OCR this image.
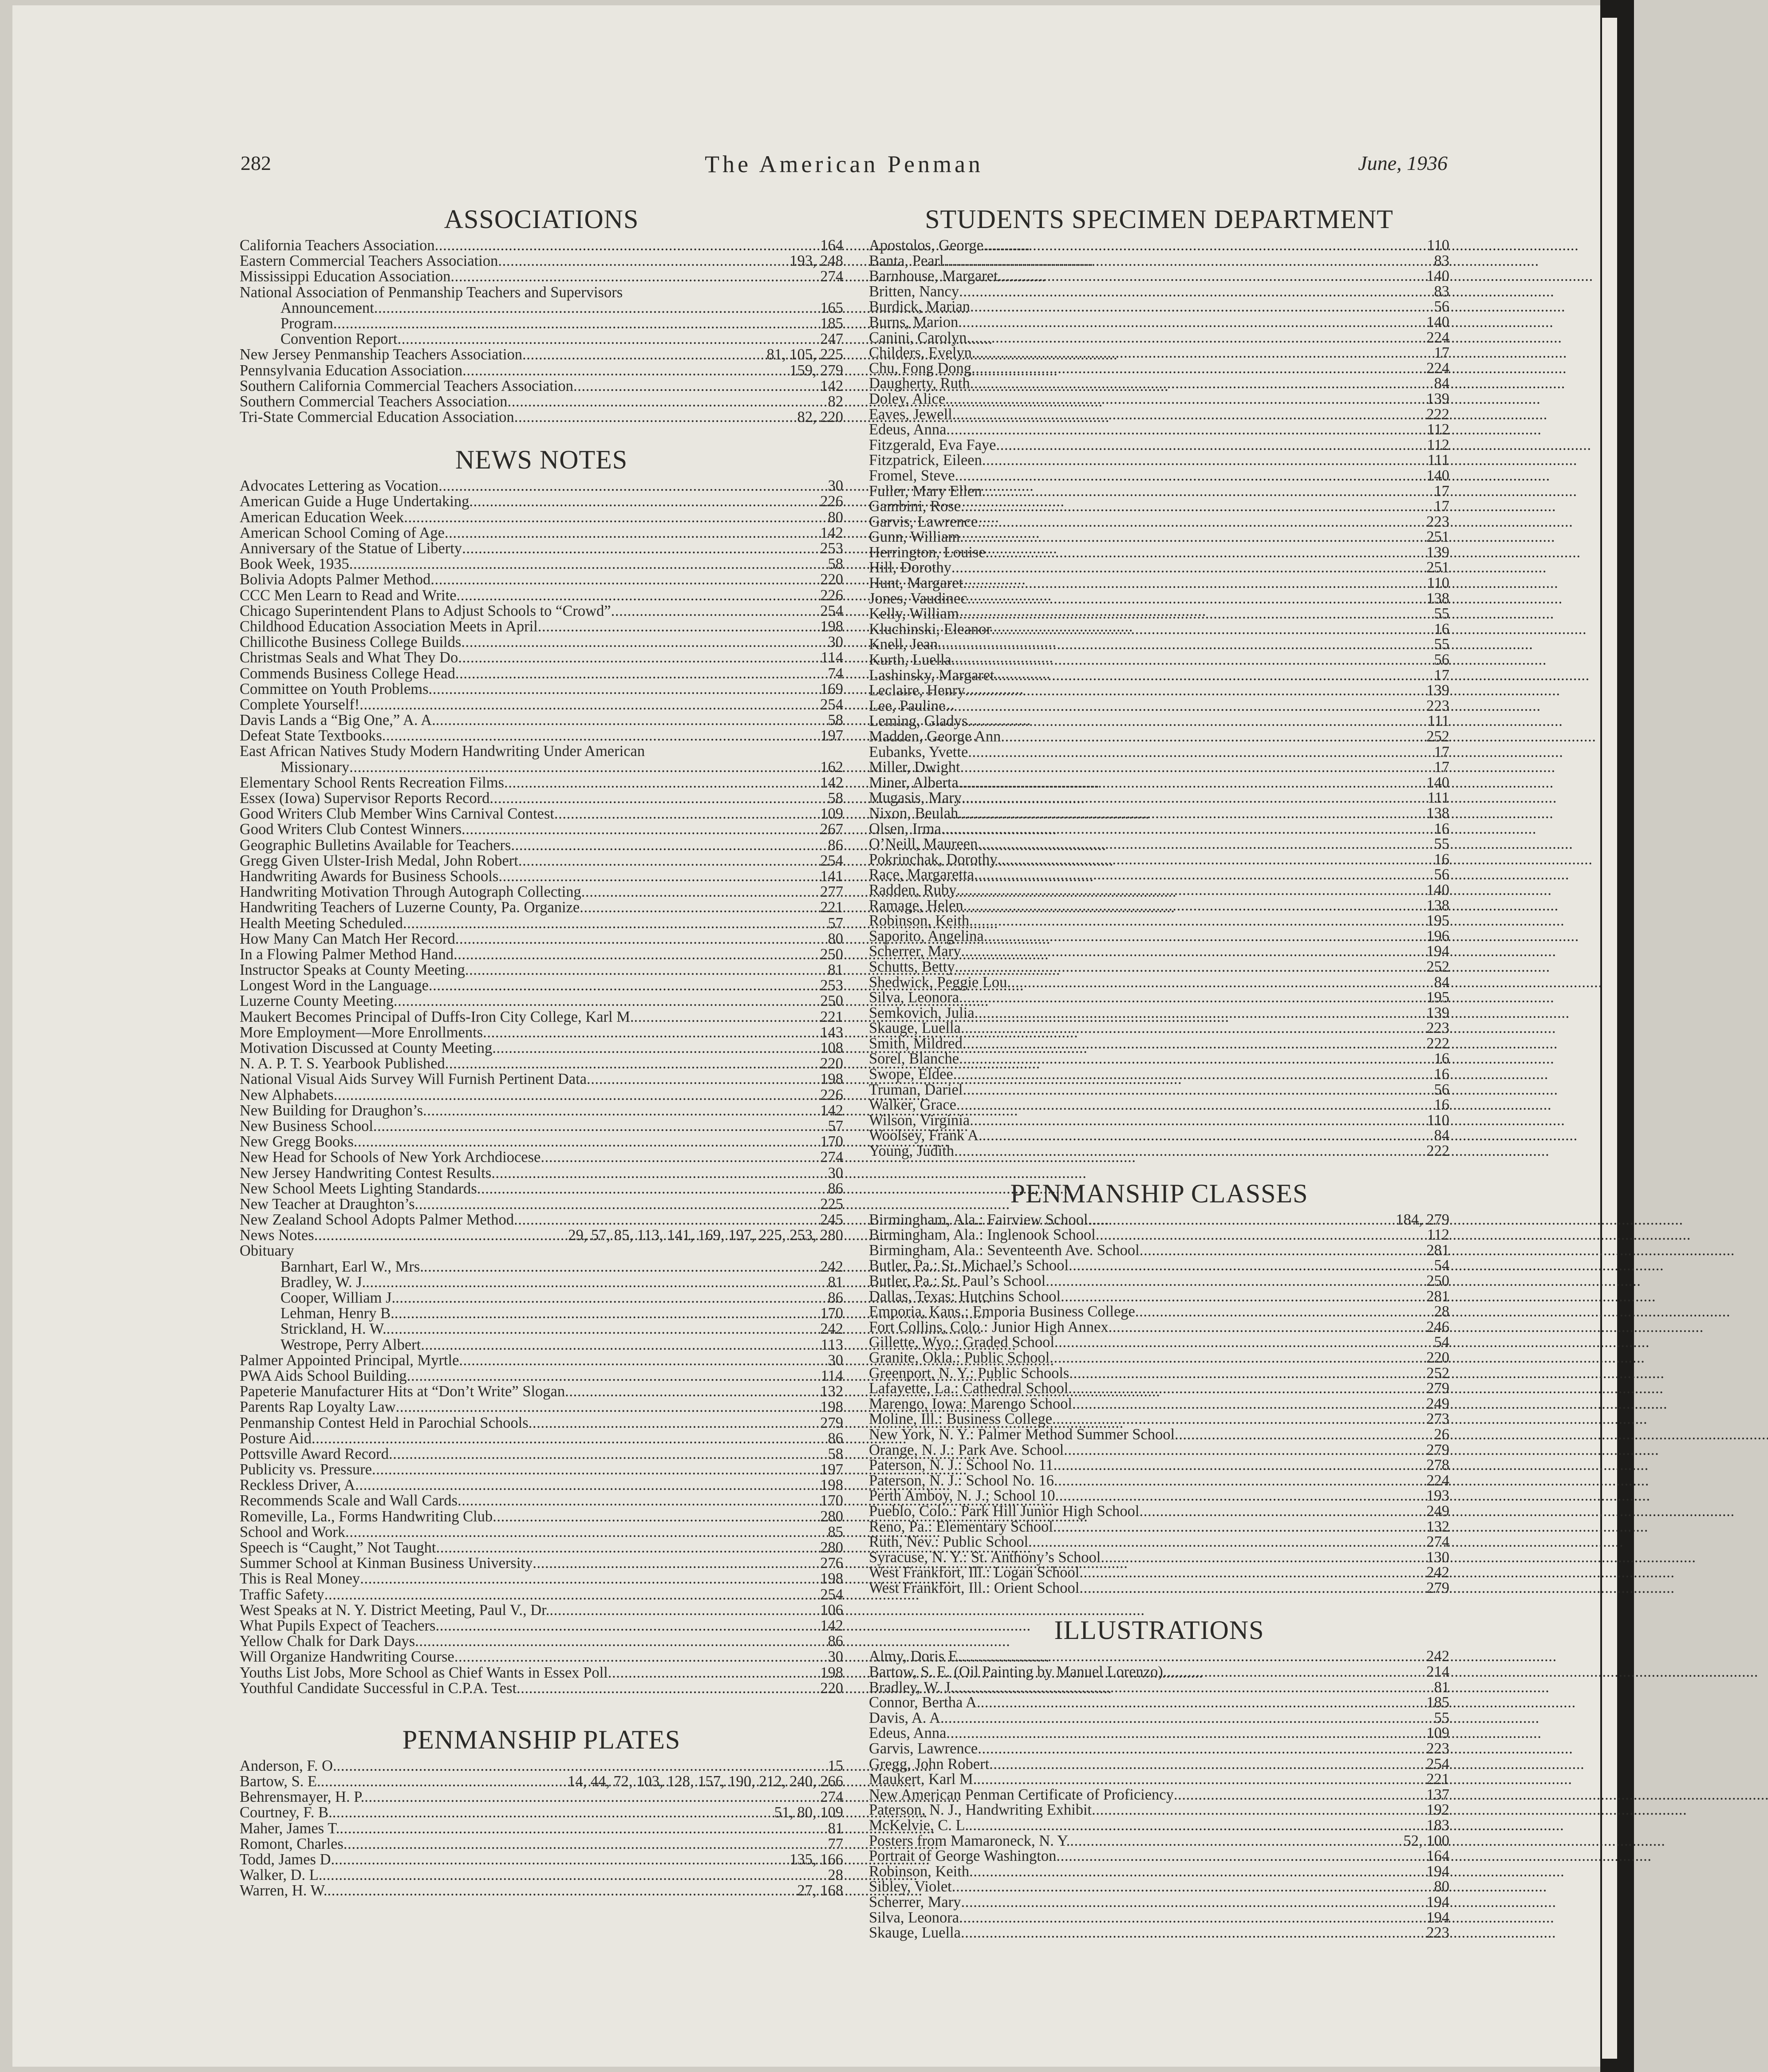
282	The American Penman	June, 1936
ASSOCIATIONS
California Teachers Association . . .	164
Eastern Commercial Teachers Association . . .	193, 248
Mississippi Education Association . . .	274
National Association of Penmanship Teachers and Supervisors
Announcement . . .	165
Program . . .	185
Convention Report . . .	247
New Jersey Penmanship Teachers Association . . .	81, 105, 225
Pennsylvania Education Association . . .	159, 279
Southern California Commercial Teachers Association . . .	142
Southern Commercial Teachers Association . . .	82
Tri-State Commercial Education Association . . .	82, 220
NEWS NOTES
Advocates Lettering as Vocation . . .	30
American Guide a Huge Undertaking . . .	226
American Education Week . . .	80
American School Coming of Age . . .	142
Anniversary of the Statue of Liberty . . .	253
Book Week, 1935 . . .	58
Bolivia Adopts Palmer Method . . .	220
CCC Men Learn to Read and Write . . .	226
Chicago Superintendent Plans to Adjust Schools to “Crowd” . . .	254
Childhood Education Association Meets in April . . .	198
Chillicothe Business College Builds . . .	30
Christmas Seals and What They Do . . .	114
Commends Business College Head . . .	74
Committee on Youth Problems . . .	169
Complete Yourself! . . .	254
Davis Lands a “Big One,” A. A. . . .	58
Defeat State Textbooks . . .	197
East African Natives Study Modern Handwriting Under American
Missionary . . .	162
Elementary School Rents Recreation Films . . .	142
Essex (Iowa) Supervisor Reports Record . . .	58
Good Writers Club Member Wins Carnival Contest . . .	109
Good Writers Club Contest Winners . . .	267
Geographic Bulletins Available for Teachers . . .	86
Gregg Given Ulster-Irish Medal, John Robert . . .	254
Handwriting Awards for Business Schools . . .	141
Handwriting Motivation Through Autograph Collecting . . .	277
Handwriting Teachers of Luzerne County, Pa. Organize . . .	221
Health Meeting Scheduled . . .	57
How Many Can Match Her Record . . .	80
In a Flowing Palmer Method Hand . . .	250
Instructor Speaks at County Meeting . . .	81
Longest Word in the Language . . .	253
Luzerne County Meeting . . .	250
Maukert Becomes Principal of Duffs-Iron City College, Karl M. . . .	221
More Employment—More Enrollments . . .	143
Motivation Discussed at County Meeting . . .	108
N. A. P. T. S. Yearbook Published . . .	220
National Visual Aids Survey Will Furnish Pertinent Data . . .	198
New Alphabets . . .	226
New Building for Draughon’s . . .	142
New Business School . . .	57
New Gregg Books . . .	170
New Head for Schools of New York Archdiocese . . .	274
New Jersey Handwriting Contest Results . . .	30
New School Meets Lighting Standards . . .	86
New Teacher at Draughton’s . . .	225
New Zealand School Adopts Palmer Method . . .	245
News Notes . . .	29, 57, 85, 113, 141, 169, 197, 225, 253, 280
Obituary
Barnhart, Earl W., Mrs. . . .	242
Bradley, W. J. . . .	81
Cooper, William J. . . .	86
Lehman, Henry B. . . .	170
Strickland, H. W. . . .	242
Westrope, Perry Albert . . .	113
Palmer Appointed Principal, Myrtle . . .	30
PWA Aids School Building . . .	114
Papeterie Manufacturer Hits at “Don’t Write” Slogan . . .	132
Parents Rap Loyalty Law . . .	198
Penmanship Contest Held in Parochial Schools . . .	279
Posture Aid . . .	86
Pottsville Award Record . . .	58
Publicity vs. Pressure . . .	197
Reckless Driver, A . . .	198
Recommends Scale and Wall Cards . . .	170
Romeville, La., Forms Handwriting Club . . .	280
School and Work . . .	85
Speech is “Caught,” Not Taught . . .	280
Summer School at Kinman Business University . . .	276
This is Real Money . . .	198
Traffic Safety . . .	254
West Speaks at N. Y. District Meeting, Paul V., Dr. . . .	106
What Pupils Expect of Teachers . . .	142
Yellow Chalk for Dark Days . . .	86
Will Organize Handwriting Course . . .	30
Youths List Jobs, More School as Chief Wants in Essex Poll . . .	198
Youthful Candidate Successful in C.P.A. Test . . .	220
PENMANSHIP PLATES
Anderson, F. O. . . .	15
Bartow, S. E. . . .	14, 44, 72, 103, 128, 157, 190, 212, 240, 266
Behrensmayer, H. P. . . .	274
Courtney, F. B. . . .	51, 80, 109
Maher, James T. . . .	81
Romont, Charles . . .	77
Todd, James D. . . .	135, 166
Walker, D. L. . . .	28
Warren, H. W. . . .	27, 168
STUDENTS SPECIMEN DEPARTMENT
Apostolos, George . . .	110
Banta, Pearl . . .	83
Barnhouse, Margaret . . .	140
Britten, Nancy . . .	83
Burdick, Marian . . .	56
Burns, Marion . . .	140
Canini, Carolyn . . .	224
Childers, Evelyn . . .	17
Chu, Fong Dong . . .	224
Daugherty, Ruth . . .	84
Doley, Alice . . .	139
Eaves, Jewell . . .	222
Edeus, Anna . . .	112
Fitzgerald, Eva Faye . . .	112
Fitzpatrick, Eileen . . .	111
Fromel, Steve . . .	140
Fuller, Mary Ellen . . .	17
Gambini, Rose . . .	17
Garvis, Lawrence . . .	223
Gunn, William . . .	251
Herrington, Louise . . .	139
Hill, Dorothy . . .	251
Hunt, Margaret . . .	110
Jones, Vaudinec . . .	138
Kelly, William . . .	55
Kluchinski, Eleanor . . .	16
Knell, Jean . . .	55
Kurth, Luella . . .	56
Lashinsky, Margaret . . .	17
Leclaire, Henry . . .	139
Lee, Pauline . . .	223
Leming, Gladys . . .	111
Madden, George Ann . . .	252
Eubanks, Yvette . . .	17
Miller, Dwight . . .	17
Miner, Alberta . . .	140
Mugasis, Mary . . .	111
Nixon, Beulah . . .	138
Olsen, Irma . . .	16
O’Neill, Maureen . . .	55
Pokrinchak, Dorothy . . .	16
Race, Margaretta . . .	56
Radden, Ruby . . .	140
Ramage, Helen . . .	138
Robinson, Keith . . .	195
Saporito, Angelina . . .	196
Scherrer, Mary . . .	194
Schutts, Betty . . .	252
Shedwick, Peggie Lou . . .	84
Silva, Leonora . . .	195
Semkovich, Julia . . .	139
Skauge, Luella . . .	223
Smith, Mildred . . .	222
Sorel, Blanche . . .	16
Swope, Eldee . . .	16
Truman, Dariel . . .	56
Walker, Grace . . .	16
Wilson, Virginia . . .	110
Woolsey, Frank A. . . .	84
Young, Judith . . .	222
PENMANSHIP CLASSES
Birmingham, Ala.: Fairview School . . .	184, 279
Birmingham, Ala.: Inglenook School . . .	112
Birmingham, Ala.: Seventeenth Ave. School . . .	281
Butler, Pa.: St. Michael’s School . . .	54
Butler, Pa.: St. Paul’s School . . .	250
Dallas, Texas: Hutchins School . . .	281
Emporia, Kans.: Emporia Business College . . .	28
Fort Collins, Colo.: Junior High Annex . . .	246
Gillette, Wyo.: Graded School . . .	54
Granite, Okla.: Public School . . .	220
Greenport, N. Y.: Public Schools . . .	252
Lafayette, La.: Cathedral School . . .	279
Marengo, Iowa: Marengo School . . .	249
Moline, Ill.: Business College . . .	273
New York, N. Y.: Palmer Method Summer School . . .	26
Orange, N. J.: Park Ave. School . . .	279
Paterson, N. J.: School No. 11 . . .	278
Paterson, N. J.: School No. 16 . . .	224
Perth Amboy, N. J.; School 10 . . .	193
Pueblo, Colo.: Park Hill Junior High School . . .	249
Reno, Pa.: Elementary School . . .	132
Ruth, Nev.: Public School . . .	274
Syracuse, N. Y.: St. Anthony’s School . . .	130
West Frankfort, Ill.: Logan School . . .	242
West Frankfort, Ill.: Orient School . . .	279
ILLUSTRATIONS
Almy, Doris E. . . .	242
Bartow, S. E. (Oil Painting by Manuel Lorenzo) . . .	214
Bradley, W. J. . . .	81
Connor, Bertha A. . . .	185
Davis, A. A. . . .	55
Edeus, Anna . . .	109
Garvis, Lawrence . . .	223
Gregg, John Robert . . .	254
Maukert, Karl M. . . .	221
New American Penman Certificate of Proficiency . . .	137
Paterson, N. J., Handwriting Exhibit . . .	192
McKelvie, C. L. . . .	183
Posters from Mamaroneck, N. Y. . . .	52, 100
Portrait of George Washington . . .	164
Robinson, Keith . . .	194
Sibley, Violet . . .	80
Scherrer, Mary . . .	194
Silva, Leonora . . .	194
Skauge, Luella . . .	223
